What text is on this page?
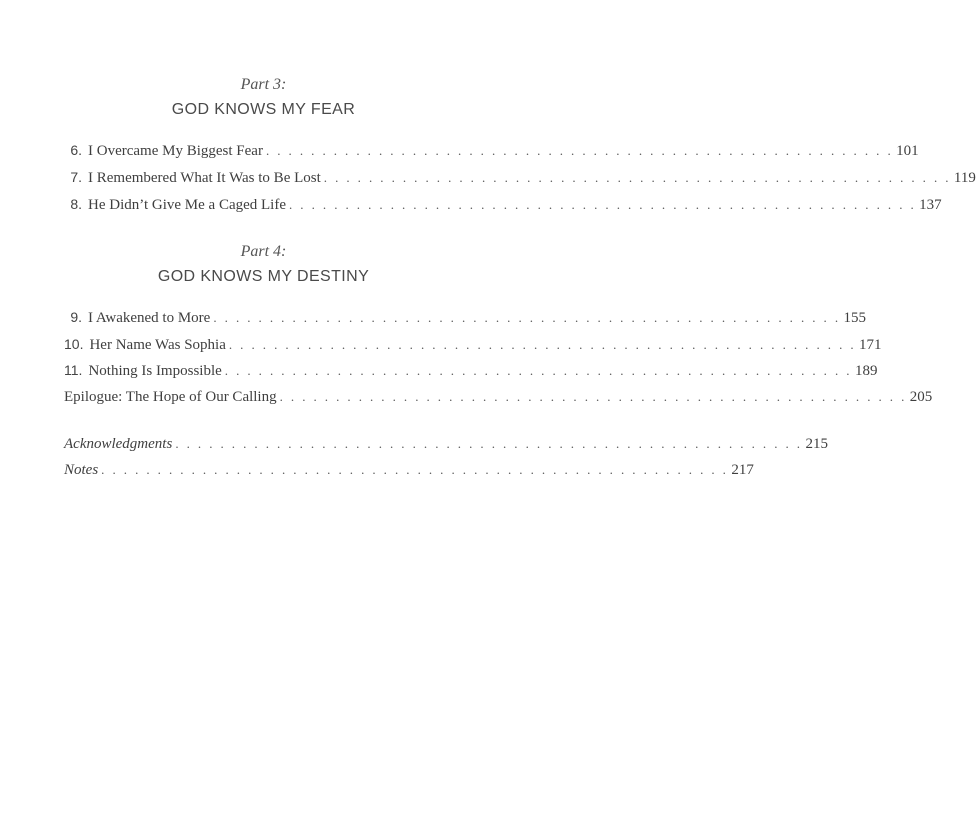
Part 3:
GOD KNOWS MY FEAR
6. I Overcame My Biggest Fear . . . . . . . . . . . . . . . . . . . . . . . . . . . . . . . . . . . . . . . . . . . . . . . . . . . . . . . . 101
7. I Remembered What It Was to Be Lost . . . . . . . . . . . . . . . . . . . . . . . . . . . . . . . . . . . . . . . . . . . . . . . . . . . . . . . . 119
8. He Didn’t Give Me a Caged Life . . . . . . . . . . . . . . . . . . . . . . . . . . . . . . . . . . . . . . . . . . . . . . . . . . . . . . . . 137
Part 4:
GOD KNOWS MY DESTINY
9. I Awakened to More . . . . . . . . . . . . . . . . . . . . . . . . . . . . . . . . . . . . . . . . . . . . . . . . . . . . . . . . 155
10. Her Name Was Sophia . . . . . . . . . . . . . . . . . . . . . . . . . . . . . . . . . . . . . . . . . . . . . . . . . . . . . . . . 171
11. Nothing Is Impossible . . . . . . . . . . . . . . . . . . . . . . . . . . . . . . . . . . . . . . . . . . . . . . . . . . . . . . . . 189
Epilogue: The Hope of Our Calling . . . . . . . . . . . . . . . . . . . . . . . . . . . . . . . . . . . . . . . . . . . . . . . . . . . . . . . . 205
Acknowledgments . . . . . . . . . . . . . . . . . . . . . . . . . . . . . . . . . . . . . . . . . . . . . . . . . . . . . . . . 215
Notes . . . . . . . . . . . . . . . . . . . . . . . . . . . . . . . . . . . . . . . . . . . . . . . . . . . . . . . . 217
